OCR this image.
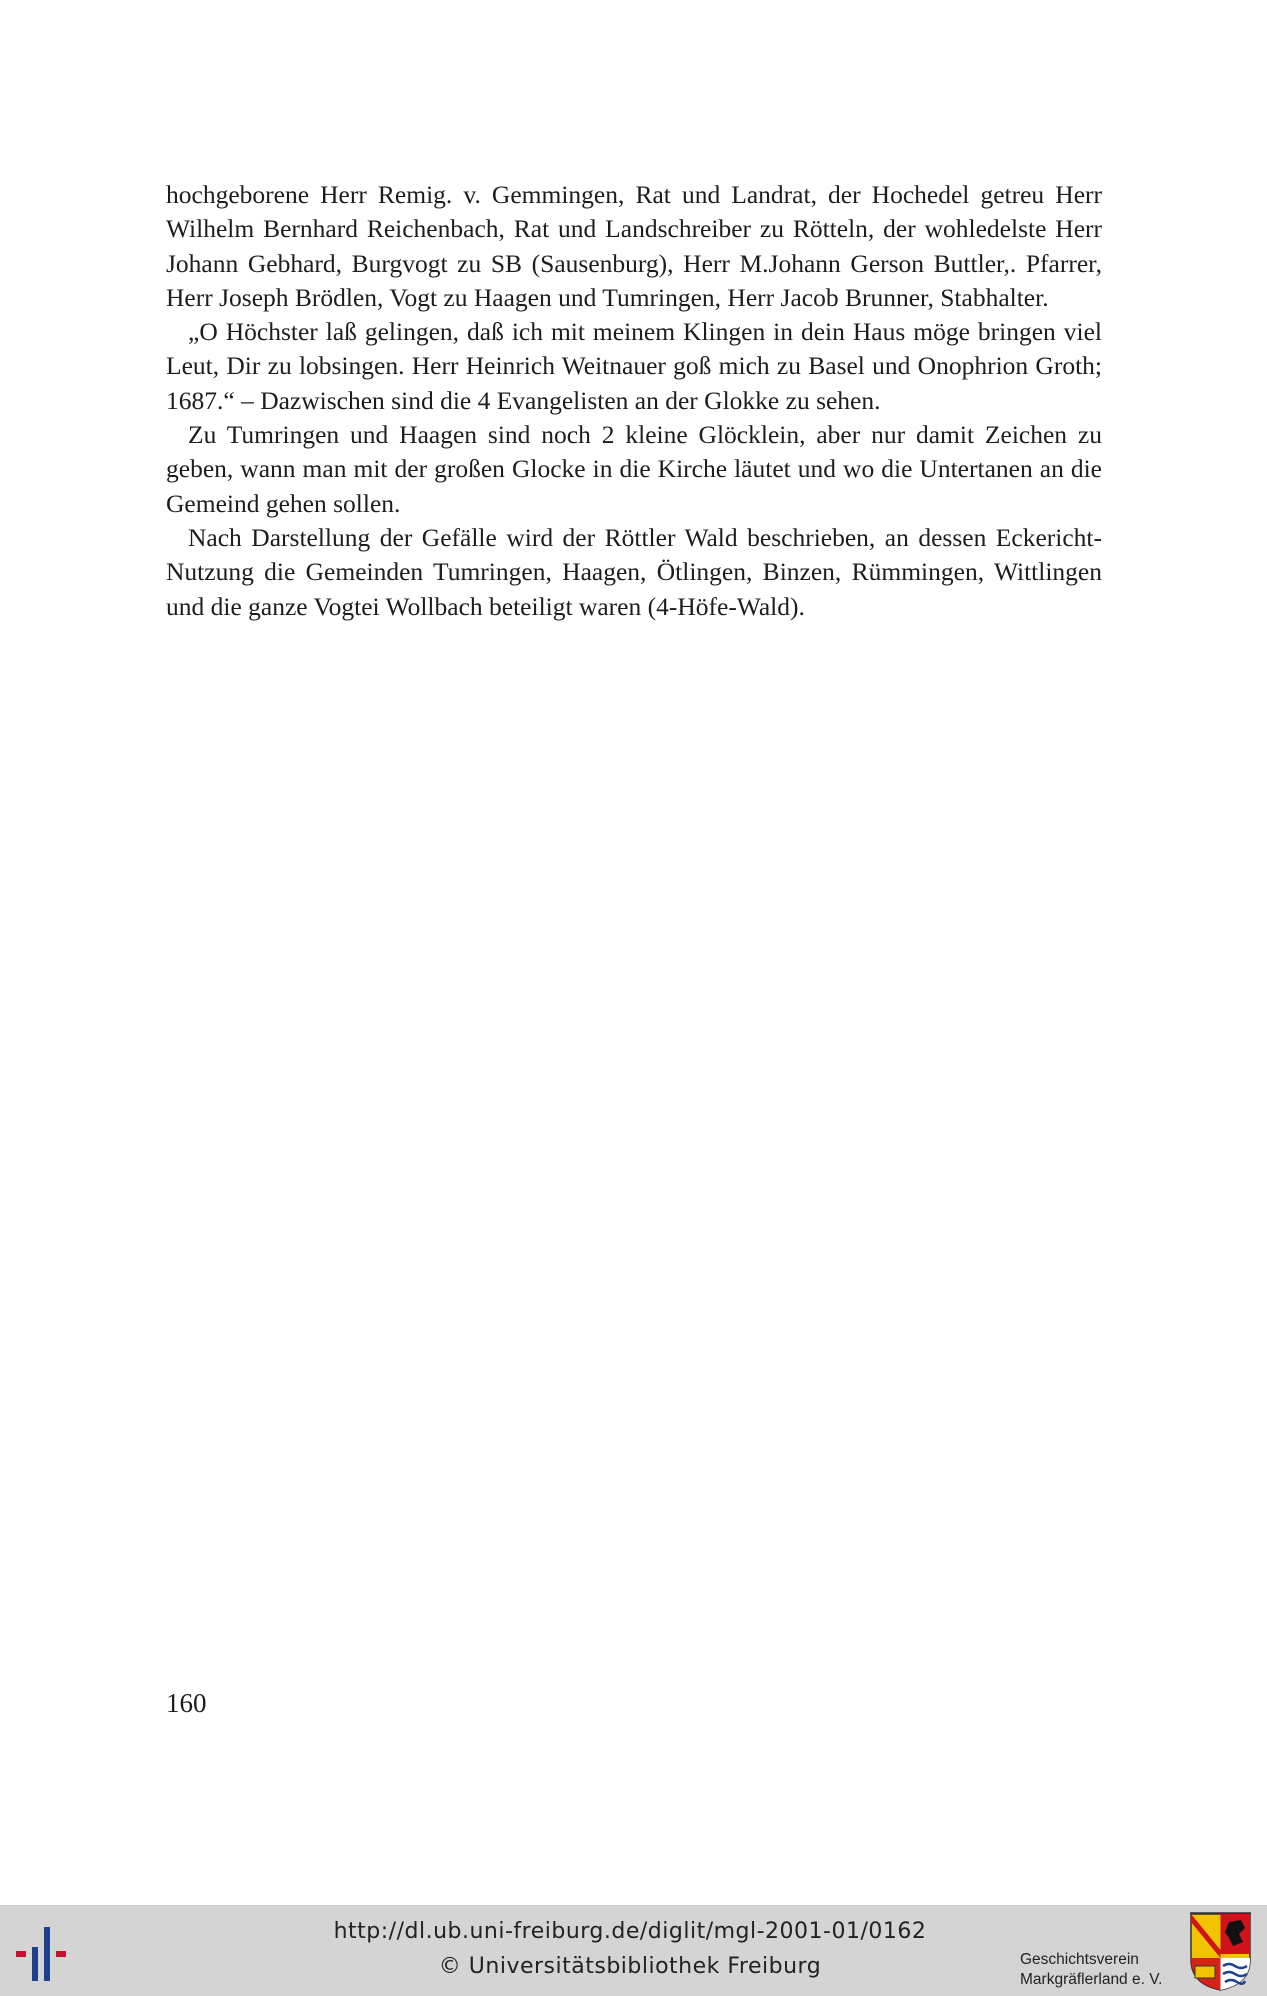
hochgeborene Herr Remig. v. Gemmingen, Rat und Landrat, der Hochedel getreu Herr Wilhelm Bernhard Reichenbach, Rat und Landschreiber zu Rötteln, der wohledelste Herr Johann Gebhard, Burgvogt zu SB (Sausenburg), Herr M.Johann Gerson Buttler,. Pfarrer, Herr Joseph Brödlen, Vogt zu Haagen und Tumringen, Herr Jacob Brunner, Stabhalter.

„O Höchster laß gelingen, daß ich mit meinem Klingen in dein Haus möge bringen viel Leut, Dir zu lobsingen. Herr Heinrich Weitnauer goß mich zu Basel und Onophrion Groth; 1687.“ – Dazwischen sind die 4 Evangelisten an der Glokke zu sehen.

Zu Tumringen und Haagen sind noch 2 kleine Glöcklein, aber nur damit Zeichen zu geben, wann man mit der großen Glocke in die Kirche läutet und wo die Untertanen an die Gemeind gehen sollen.

Nach Darstellung der Gefälle wird der Röttler Wald beschrieben, an dessen Eckericht-Nutzung die Gemeinden Tumringen, Haagen, Ötlingen, Binzen, Rümmingen, Wittlingen und die ganze Vogtei Wollbach beteiligt waren (4-Höfe-Wald).

160
http://dl.ub.uni-freiburg.de/diglit/mgl-2001-01/0162
© Universitätsbibliothek Freiburg	Geschichtsverein
Markgräflerland e. V.
